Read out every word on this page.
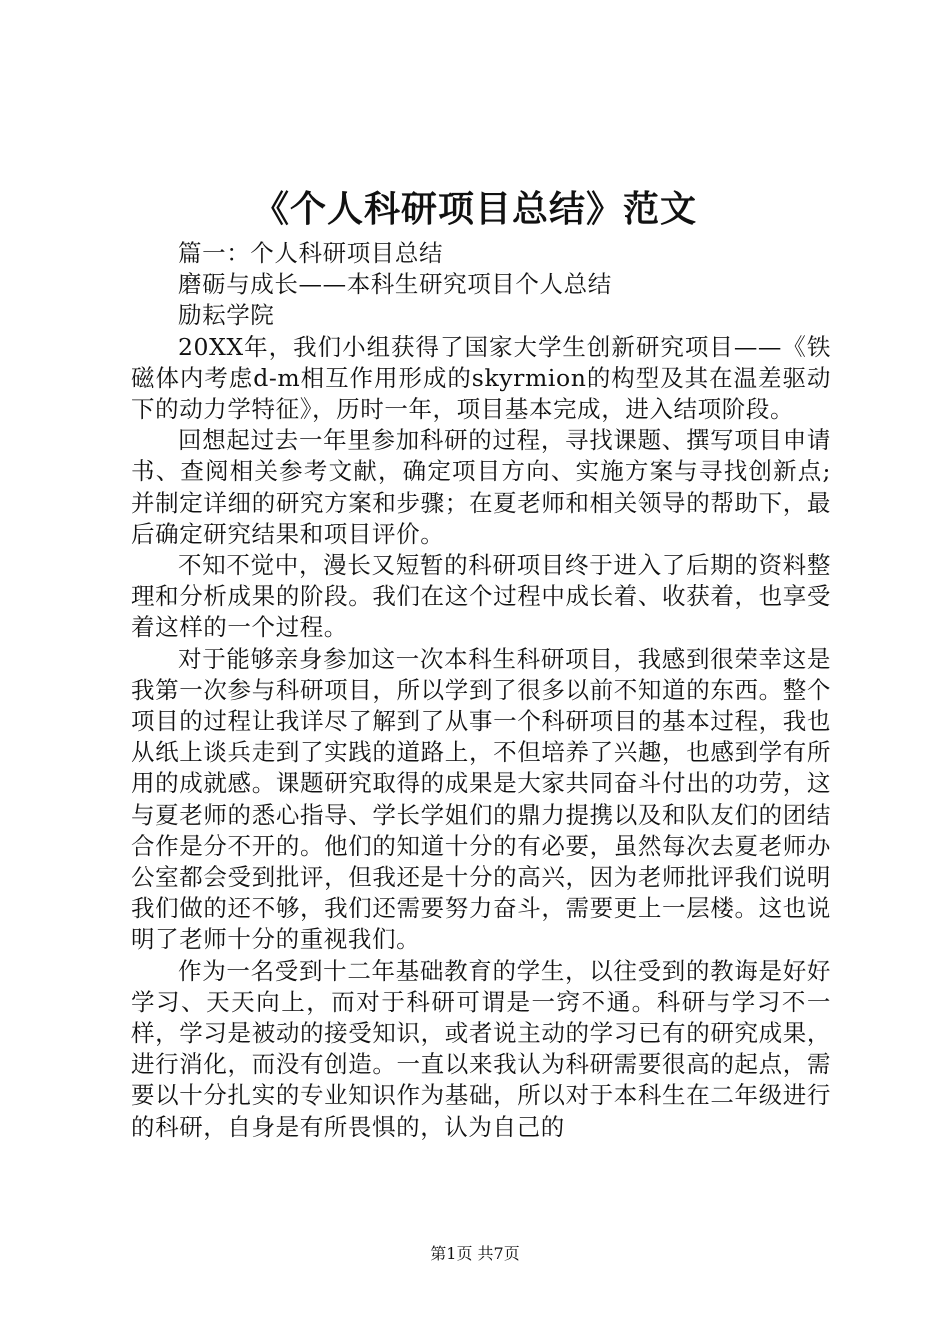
《个人科研项目总结》范文

篇一：个人科研项目总结

磨砺与成长——本科生研究项目个人总结

励耘学院

20XX年，我们小组获得了国家大学生创新研究项目——《铁磁体内考虑d-m相互作用形成的skyrmion的构型及其在温差驱动下的动力学特征》，历时一年，项目基本完成，进入结项阶段。

回想起过去一年里参加科研的过程，寻找课题、撰写项目申请书、查阅相关参考文献，确定项目方向、实施方案与寻找创新点;并制定详细的研究方案和步骤；在夏老师和相关领导的帮助下，最后确定研究结果和项目评价。

不知不觉中，漫长又短暂的科研项目终于进入了后期的资料整理和分析成果的阶段。我们在这个过程中成长着、收获着，也享受着这样的一个过程。

对于能够亲身参加这一次本科生科研项目，我感到很荣幸这是我第一次参与科研项目，所以学到了很多以前不知道的东西。整个项目的过程让我详尽了解到了从事一个科研项目的基本过程，我也从纸上谈兵走到了实践的道路上，不但培养了兴趣，也感到学有所用的成就感。课题研究取得的成果是大家共同奋斗付出的功劳，这与夏老师的悉心指导、学长学姐们的鼎力提携以及和队友们的团结合作是分不开的。他们的知道十分的有必要，虽然每次去夏老师办公室都会受到批评，但我还是十分的高兴，因为老师批评我们说明我们做的还不够，我们还需要努力奋斗，需要更上一层楼。这也说明了老师十分的重视我们。

作为一名受到十二年基础教育的学生，以往受到的教诲是好好学习、天天向上，而对于科研可谓是一窍不通。科研与学习不一样，学习是被动的接受知识，或者说主动的学习已有的研究成果，进行消化，而没有创造。一直以来我认为科研需要很高的起点，需要以十分扎实的专业知识作为基础，所以对于本科生在二年级进行的科研，自身是有所畏惧的，认为自己的

第1页 共7页
